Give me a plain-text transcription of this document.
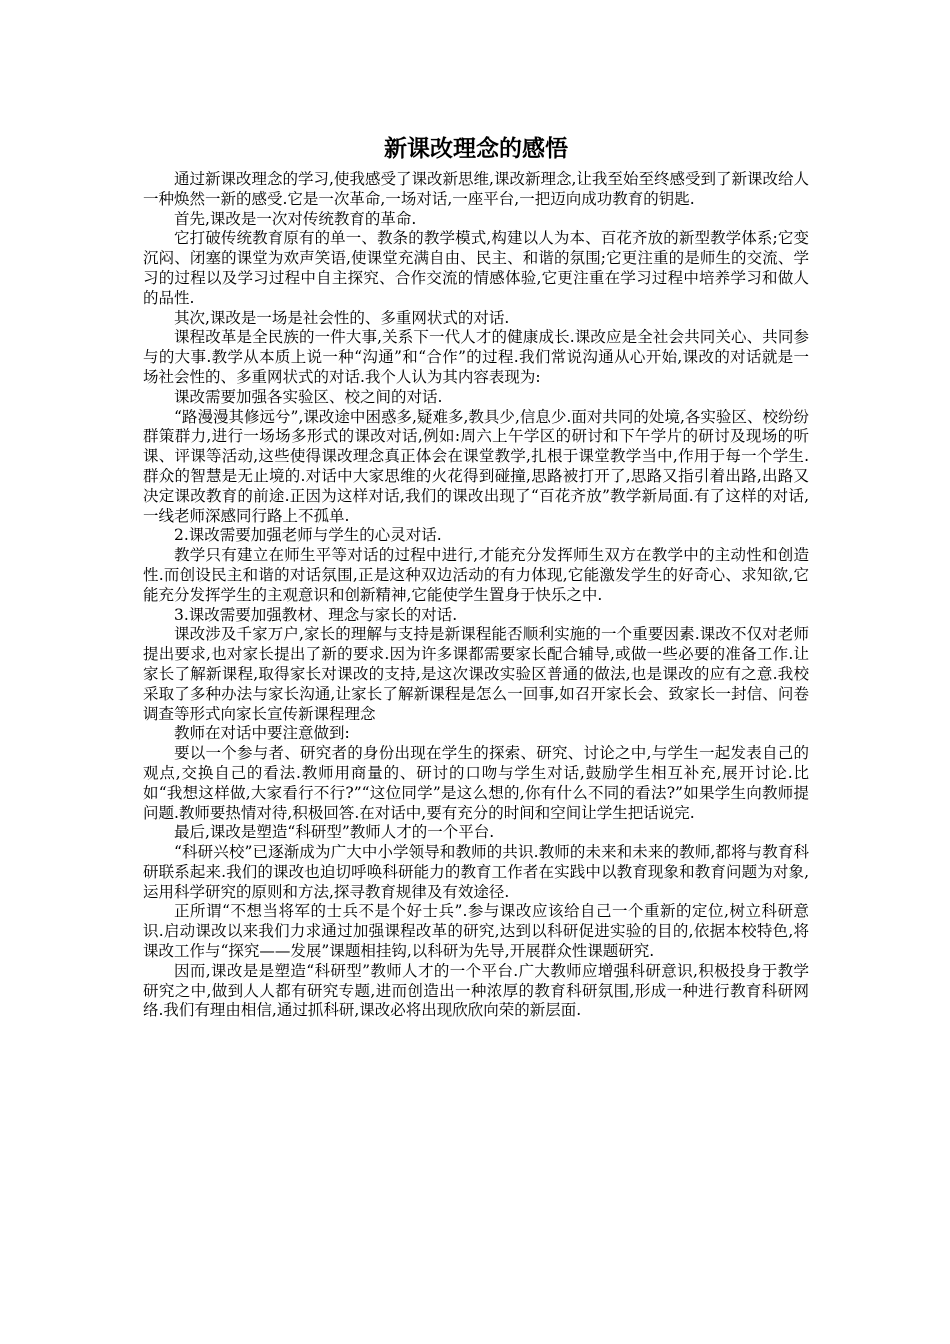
新课改理念的感悟

通过新课改理念的学习,使我感受了课改新思维,课改新理念,让我至始至终感受到了新课改给人一种焕然一新的感受.它是一次革命,一场对话,一座平台,一把迈向成功教育的钥匙.

首先,课改是一次对传统教育的革命.

它打破传统教育原有的单一、教条的教学模式,构建以人为本、百花齐放的新型教学体系;它变沉闷、闭塞的课堂为欢声笑语,使课堂充满自由、民主、和谐的氛围;它更注重的是师生的交流、学习的过程以及学习过程中自主探究、合作交流的情感体验,它更注重在学习过程中培养学习和做人的品性.

其次,课改是一场是社会性的、多重网状式的对话.

课程改革是全民族的一件大事,关系下一代人才的健康成长.课改应是全社会共同关心、共同参与的大事.教学从本质上说一种“沟通”和“合作”的过程.我们常说沟通从心开始,课改的对话就是一场社会性的、多重网状式的对话.我个人认为其内容表现为:

课改需要加强各实验区、校之间的对话.

“路漫漫其修远兮”,课改途中困惑多,疑难多,教具少,信息少.面对共同的处境,各实验区、校纷纷群策群力,进行一场场多形式的课改对话,例如:周六上午学区的研讨和下午学片的研讨及现场的听课、评课等活动,这些使得课改理念真正体会在课堂教学,扎根于课堂教学当中,作用于每一个学生.群众的智慧是无止境的.对话中大家思维的火花得到碰撞,思路被打开了,思路又指引着出路,出路又决定课改教育的前途.正因为这样对话,我们的课改出现了“百花齐放”教学新局面.有了这样的对话,一线老师深感同行路上不孤单.

2.课改需要加强老师与学生的心灵对话.

教学只有建立在师生平等对话的过程中进行,才能充分发挥师生双方在教学中的主动性和创造性.而创设民主和谐的对话氛围,正是这种双边活动的有力体现,它能激发学生的好奇心、求知欲,它能充分发挥学生的主观意识和创新精神,它能使学生置身于快乐之中.

3.课改需要加强教材、理念与家长的对话.

课改涉及千家万户,家长的理解与支持是新课程能否顺利实施的一个重要因素.课改不仅对老师提出要求,也对家长提出了新的要求.因为许多课都需要家长配合辅导,或做一些必要的准备工作.让家长了解新课程,取得家长对课改的支持,是这次课改实验区普通的做法,也是课改的应有之意.我校采取了多种办法与家长沟通,让家长了解新课程是怎么一回事,如召开家长会、致家长一封信、问卷调查等形式向家长宣传新课程理念

教师在对话中要注意做到:

要以一个参与者、研究者的身份出现在学生的探索、研究、讨论之中,与学生一起发表自己的观点,交换自己的看法.教师用商量的、研讨的口吻与学生对话,鼓励学生相互补充,展开讨论.比如“我想这样做,大家看行不行?”“这位同学”是这么想的,你有什么不同的看法?”如果学生向教师提问题.教师要热情对待,积极回答.在对话中,要有充分的时间和空间让学生把话说完.

最后,课改是塑造“科研型”教师人才的一个平台.

“科研兴校”已逐渐成为广大中小学领导和教师的共识.教师的未来和未来的教师,都将与教育科研联系起来.我们的课改也迫切呼唤科研能力的教育工作者在实践中以教育现象和教育问题为对象,运用科学研究的原则和方法,探寻教育规律及有效途径.

正所谓“不想当将军的士兵不是个好士兵”.参与课改应该给自己一个重新的定位,树立科研意识.启动课改以来我们力求通过加强课程改革的研究,达到以科研促进实验的目的,依据本校特色,将课改工作与“探究——发展”课题相挂钩,以科研为先导,开展群众性课题研究.

因而,课改是是塑造“科研型”教师人才的一个平台.广大教师应增强科研意识,积极投身于教学研究之中,做到人人都有研究专题,进而创造出一种浓厚的教育科研氛围,形成一种进行教育科研网络.我们有理由相信,通过抓科研,课改必将出现欣欣向荣的新层面.
